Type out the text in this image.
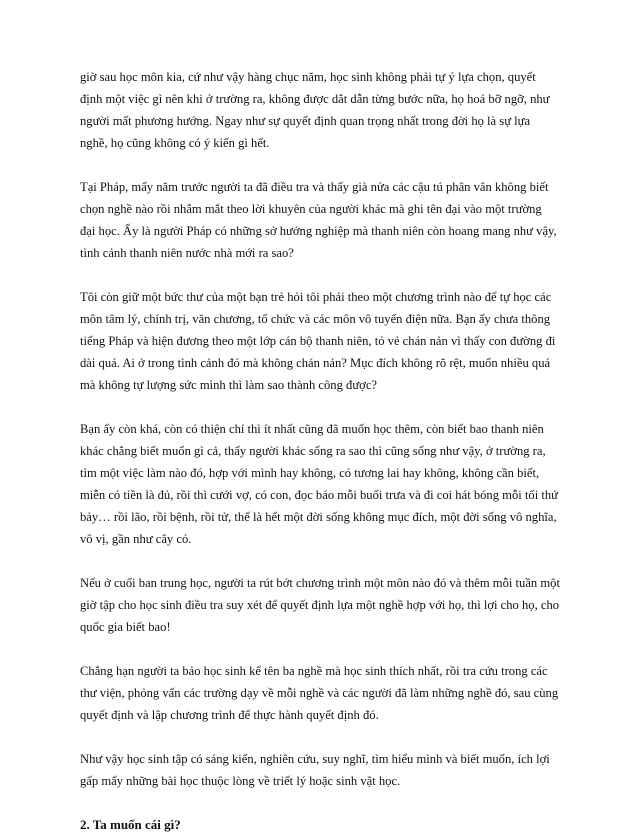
giờ sau học môn kia, cứ như vậy hàng chục năm, học sinh không phải tự ý lựa chọn, quyết định một việc gì nên khi ở trường ra, không được dắt dẫn từng bước nữa, họ hoá bỡ ngỡ, như người mất phương hướng. Ngay như sự quyết định quan trọng nhất trong đời họ là sự lựa nghề, họ cũng không có ý kiến gì hết.

Tại Pháp, mấy năm trước người ta đã điều tra và thấy già nửa các cậu tú phân vân không biết chọn nghề nào rồi nhắm mắt theo lời khuyên của người khác mà ghi tên đại vào một trường đại học. Ấy là người Pháp có những sở hướng nghiệp mà thanh niên còn hoang mang như vậy, tình cảnh thanh niên nước nhà mới ra sao?

Tôi còn giữ một bức thư của một bạn trẻ hỏi tôi phải theo một chương trình nào để tự học các môn tâm lý, chính trị, văn chương, tổ chức và các môn vô tuyến điện nữa. Bạn ấy chưa thông tiếng Pháp và hiện đương theo một lớp cán bộ thanh niên, tỏ vẻ chán nản vì thấy con đường đi dài quá. Ai ở trong tình cảnh đó mà không chán nản? Mục đích không rõ rệt, muốn nhiều quá mà không tự lượng sức mình thì làm sao thành công được?

Bạn ấy còn khá, còn có thiện chí thì ít nhất cũng đã muốn học thêm, còn biết bao thanh niên khác chẳng biết muốn gì cả, thấy người khác sống ra sao thì cũng sống như vậy, ở trường ra, tìm một việc làm nào đó, hợp với mình hay không, có tương lai hay không, không cần biết, miễn có tiền là đủ, rồi thì cưới vợ, có con, đọc báo mỗi buổi trưa và đi coi hát bóng mỗi tối thứ bảy… rồi lão, rồi bệnh, rồi tử, thế là hết một đời sống không mục đích, một đời sống vô nghĩa, vô vị, gần như cây cỏ.

Nếu ở cuối ban trung học, người ta rút bớt chương trình một môn nào đó và thêm mỗi tuần một giờ tập cho học sinh điều tra suy xét để quyết định lựa một nghề hợp với họ, thì lợi cho họ, cho quốc gia biết bao!

Chẳng hạn người ta bảo học sinh kể tên ba nghề mà học sinh thích nhất, rồi tra cứu trong các thư viện, phỏng vấn các trường dạy về mỗi nghề và các người đã làm những nghề đó, sau cùng quyết định và lập chương trình để thực hành quyết định đó.

Như vậy học sinh tập có sáng kiến, nghiên cứu, suy nghĩ, tìm hiểu mình và biết muốn, ích lợi gấp mấy những bài học thuộc lòng về triết lý hoặc sinh vật học.

2. Ta muốn cái gì?
